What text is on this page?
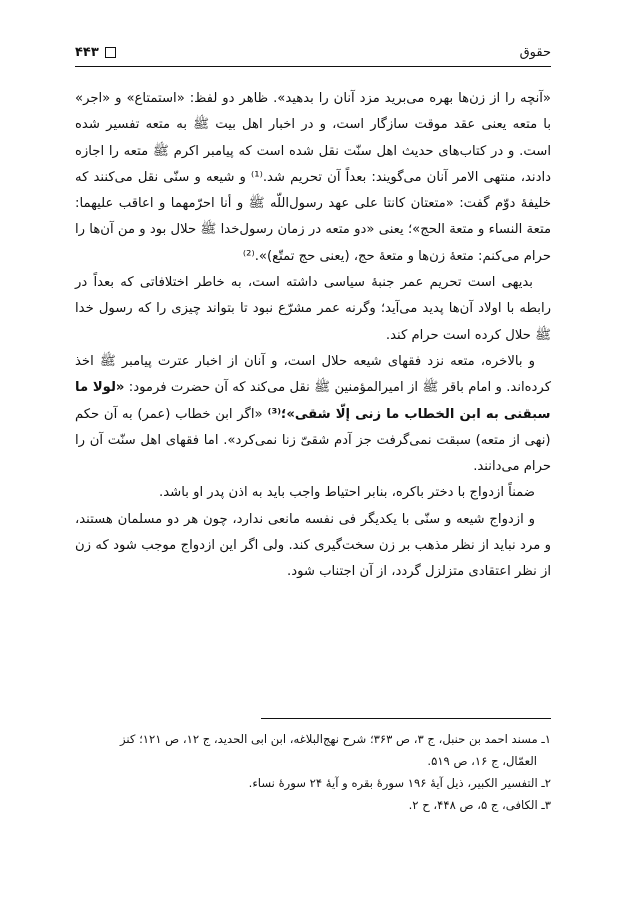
۴۴۳	حقوق

«آنچه را از زن‌ها بهره می‌برید مزد آنان را بدهید». ظاهر دو لفظ: «استمتاع» و «اجر» با متعه یعنی عقد موقت سازگار است، و در اخبار اهل بیت ﷺ به متعه تفسیر شده است. و در کتاب‌های حدیث اهل سنّت نقل شده است که پیامبر اکرم ﷺ متعه را اجازه دادند، منتهی الامر آنان می‌گویند: بعداً آن تحریم شد.⁽¹⁾ و شیعه و سنّی نقل می‌کنند که خلیفهٔ دوّم گفت: «متعتان کانتا علی عهد رسول‌اللّه ﷺ و أنا احرّمهما و اعاقب علیهما: متعة النساء و متعة الحج»؛ یعنی «دو متعه در زمان رسول‌خدا ﷺ حلال بود و من آن‌ها را حرام می‌کنم: متعهٔ زن‌ها و متعهٔ حج، (یعنی حج تمتّع)».⁽²⁾

بدیهی است تحریم عمر جنبهٔ سیاسی داشته است، به خاطر اختلافاتی که بعداً در رابطه با اولاد آن‌ها پدید می‌آید؛ وگرنه عمر مشرّع نبود تا بتواند چیزی را که رسول خدا ﷺ حلال کرده است حرام کند.

و بالاخره، متعه نزد فقهای شیعه حلال است، و آنان از اخبار عترت پیامبر ﷺ اخذ کرده‌اند. و امام باقر ﷺ از امیرالمؤمنین ﷺ نقل می‌کند که آن حضرت فرمود: «لولا ما سبقنی به ابن الخطاب ما زنی إلّا شقی»؛⁽³⁾ «اگر ابن خطاب (عمر) به آن حکم (نهی از متعه) سبقت نمی‌گرفت جز آدم شقیّ زنا نمی‌کرد». اما فقهای اهل سنّت آن را حرام می‌دانند.

ضمناً ازدواج با دختر باکره، بنابر احتیاط واجب باید به اذن پدر او باشد.

و ازدواج شیعه و سنّی با یکدیگر فی نفسه مانعی ندارد، چون هر دو مسلمان هستند، و مرد نباید از نظر مذهب بر زن سخت‌گیری کند. ولی اگر این ازدواج موجب شود که زن از نظر اعتقادی متزلزل گردد، از آن اجتناب شود.

۱ـ مسند احمد بن حنبل، ج ۳، ص ۳۶۳؛ شرح نهج‌البلاغه، ابن ابی الحدید، ج ۱۲، ص ۱۲۱؛ کنز

العمّال، ج ۱۶، ص ۵۱۹.

۲ـ التفسیر الکبیر، ذیل آیهٔ ۱۹۶ سورهٔ بقره و آیهٔ ۲۴ سورهٔ نساء.

۳ـ الکافی، ج ۵، ص ۴۴۸، ح ۲.
